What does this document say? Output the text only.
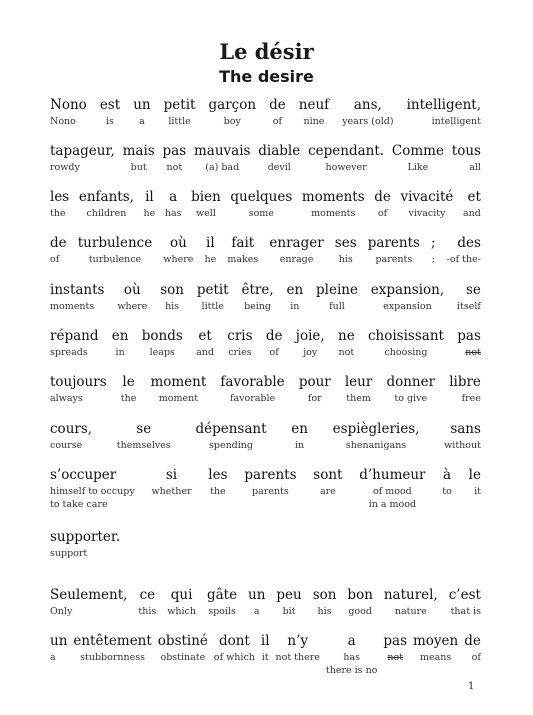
Le désir
The desire
Nono
Nono
est
is
un
a
petit
little
garçon
boy
de
of
neuf
nine
ans,
years (old)
intelligent,
intelligent
tapageur,
rowdy
mais
but
pas
not
mauvais
(a) bad
diable
devil
cependant.
however
Comme
Like
tous
all
les
the
enfants,
children
il
he
a
has
bien
well
quelques
some
moments
moments
de
of
vivacité
vivacity
et
and
de
of
turbulence
turbulence
où
where
il
he
fait
makes
enrager
enrage
ses
his
parents
parents
;
;
des
-of the-
instants
moments
où
where
son
his
petit
little
être,
being
en
in
pleine
full
expansion,
expansion
se
itself
répand
spreads
en
in
bonds
leaps
et
and
cris
cries
de
of
joie,
joy
ne
not
choisissant
choosing
pas
not
toujours
always
le
the
moment
moment
favorable
favorable
pour
for
leur
them
donner
to give
libre
free
cours,
course
se
themselves
dépensant
spending
en
in
espiègleries,
shenanigans
sans
without
s’occuper
himself to occupy
to take care
si
whether
les
the
parents
parents
sont
are
d’humeur
of mood
in a mood
à
to
le
it
supporter.
support
Seulement,
Only
ce
this
qui
which
gâte
spoils
un
a
peu
bit
son
his
bon
good
naturel,
nature
c’est
that is
un
a
entêtement
stubbornness
obstiné
obstinate
dont
of which
il
it
n’y
not there
a
has
there is no
pas
not
moyen
means
de
of
1
